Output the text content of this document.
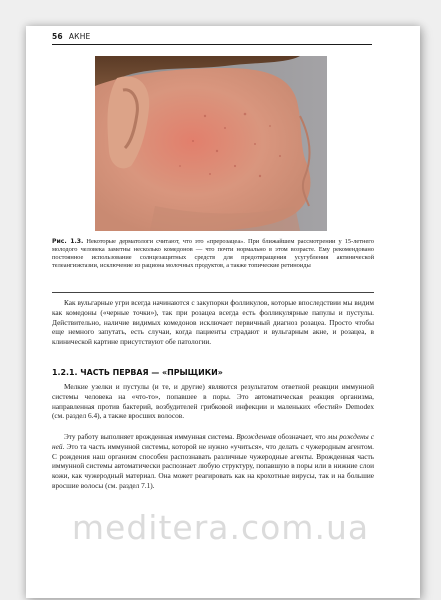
56 АКНЕ
Рис. 1.3. Некоторые дерматологи считают, что это «прерозацеа». При ближайшем рассмотрении у 15-летнего молодого человека заметны несколько комедонов — что почти нормально в этом возрасте. Ему рекомендовано постоянное использование солнцезащитных средств для предотвращения усугубления актинической телеангиэктазии, исключение из рациона молочных продуктов, а также топические ретиноиды

Как вульгарные угри всегда начинаются с закупорки фолликулов, которые впоследствии мы видим как комедоны («черные точки»), так при розацеа всегда есть фолликулярные папулы и пустулы. Действительно, наличие видимых комедонов исключает первичный диагноз розацеа. Просто чтобы еще немного запутать, есть случаи, когда пациенты страдают и вульгарным акне, и розацеа, в клинической картине присутствуют обе патологии.

1.2.1. ЧАСТЬ ПЕРВАЯ — «ПРЫЩИКИ»

Мелкие узелки и пустулы (и те, и другие) являются результатом ответной реакции иммунной системы человека на «что-то», попавшее в поры. Это автоматическая реакция организма, направленная против бактерий, возбудителей грибковой инфекции и маленьких «бестий» Demodex (см. раздел 6.4), а также вросших волосов.

Эту работу выполняет врожденная иммунная система. Врожденная обозначает, что мы рождены с ней. Это та часть иммунной системы, которой не нужно «учиться», что делать с чужеродным агентом. С рождения наш организм способен распознавать различные чужеродные агенты. Врожденная часть иммунной системы автоматически распознает любую структуру, попавшую в поры или в нижние слои кожи, как чужеродный материал. Она может реагировать как на крохотные вирусы, так и на большие вросшие волосы (см. раздел 7.1).

meditera.com.ua
